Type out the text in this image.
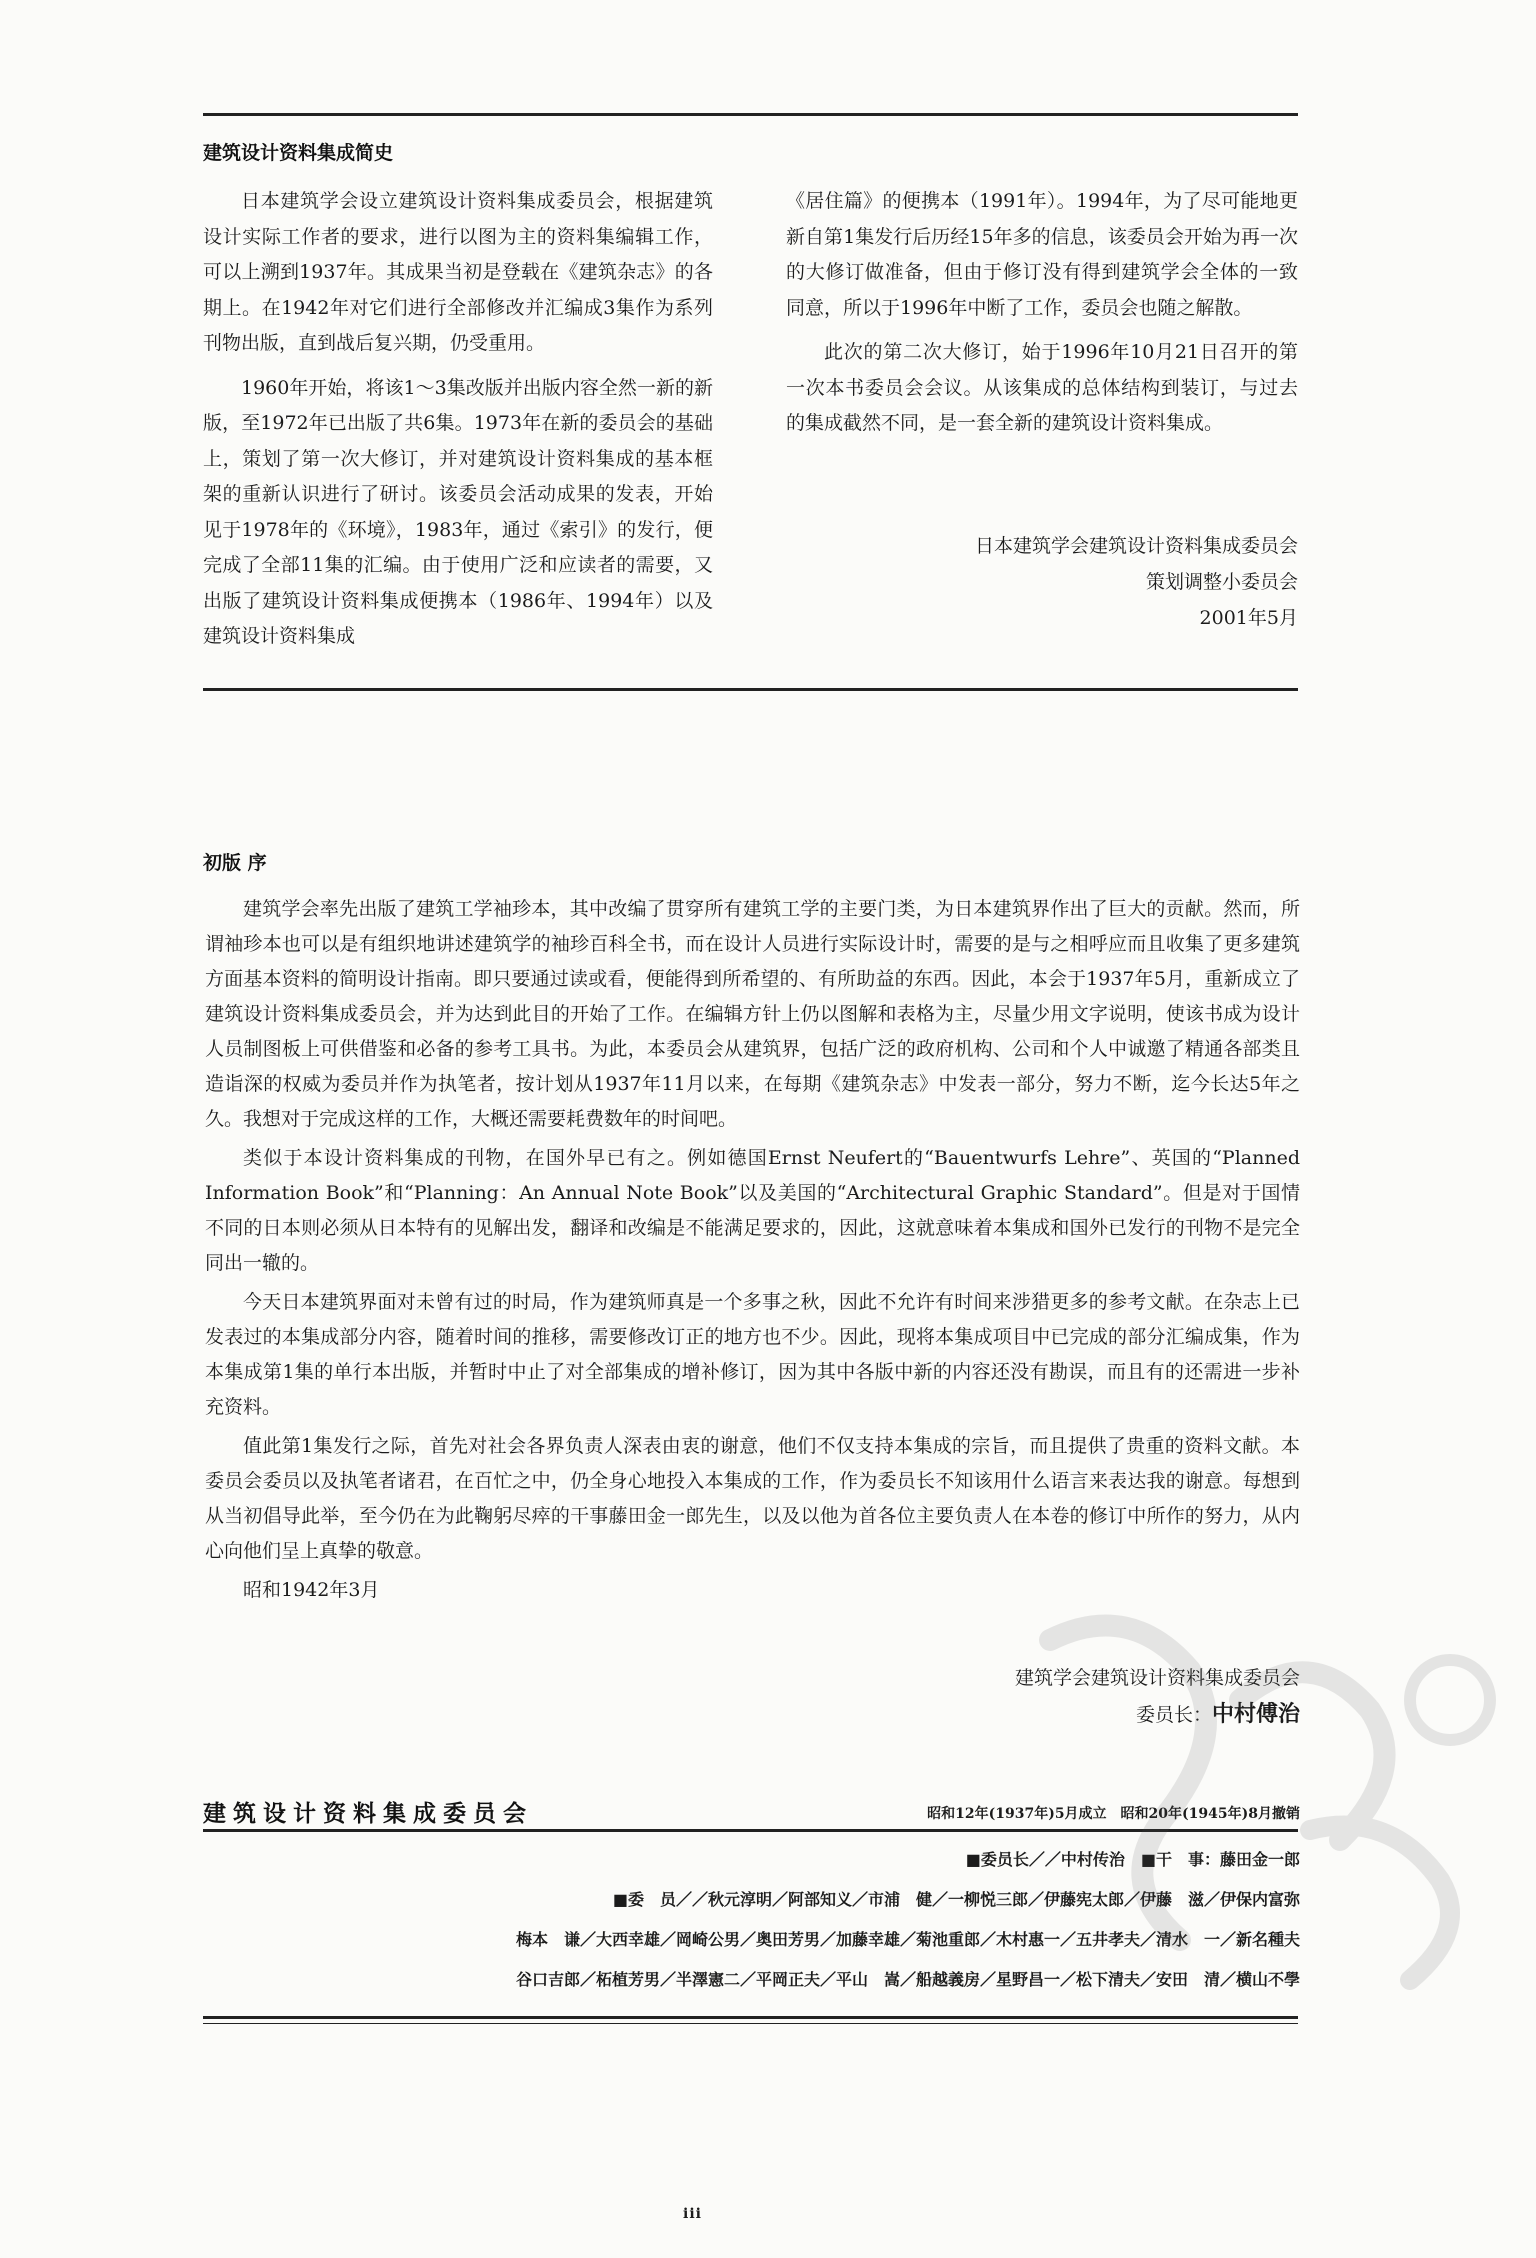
建筑设计资料集成简史

日本建筑学会设立建筑设计资料集成委员会，根据建筑设计实际工作者的要求，进行以图为主的资料集编辑工作，可以上溯到1937年。其成果当初是登载在《建筑杂志》的各期上。在1942年对它们进行全部修改并汇编成3集作为系列刊物出版，直到战后复兴期，仍受重用。

1960年开始，将该1～3集改版并出版内容全然一新的新版，至1972年已出版了共6集。1973年在新的委员会的基础上，策划了第一次大修订，并对建筑设计资料集成的基本框架的重新认识进行了研讨。该委员会活动成果的发表，开始见于1978年的《环境》，1983年，通过《索引》的发行，便完成了全部11集的汇编。由于使用广泛和应读者的需要，又出版了建筑设计资料集成便携本（1986年、1994年）以及建筑设计资料集成

《居住篇》的便携本（1991年）。1994年，为了尽可能地更新自第1集发行后历经15年多的信息，该委员会开始为再一次的大修订做准备，但由于修订没有得到建筑学会全体的一致同意，所以于1996年中断了工作，委员会也随之解散。

此次的第二次大修订，始于1996年10月21日召开的第一次本书委员会会议。从该集成的总体结构到装订，与过去的集成截然不同，是一套全新的建筑设计资料集成。

日本建筑学会建筑设计资料集成委员会
策划调整小委员会
2001年5月
初版 序

建筑学会率先出版了建筑工学袖珍本，其中改编了贯穿所有建筑工学的主要门类，为日本建筑界作出了巨大的贡献。然而，所谓袖珍本也可以是有组织地讲述建筑学的袖珍百科全书，而在设计人员进行实际设计时，需要的是与之相呼应而且收集了更多建筑方面基本资料的简明设计指南。即只要通过读或看，便能得到所希望的、有所助益的东西。因此，本会于1937年5月，重新成立了建筑设计资料集成委员会，并为达到此目的开始了工作。在编辑方针上仍以图解和表格为主，尽量少用文字说明，使该书成为设计人员制图板上可供借鉴和必备的参考工具书。为此，本委员会从建筑界，包括广泛的政府机构、公司和个人中诚邀了精通各部类且造诣深的权威为委员并作为执笔者，按计划从1937年11月以来，在每期《建筑杂志》中发表一部分，努力不断，迄今长达5年之久。我想对于完成这样的工作，大概还需要耗费数年的时间吧。

类似于本设计资料集成的刊物，在国外早已有之。例如德国Ernst Neufert的“Bauentwurfs Lehre”、英国的“Planned Information Book”和“Planning：An Annual Note Book”以及美国的“Architectural Graphic Standard”。但是对于国情不同的日本则必须从日本特有的见解出发，翻译和改编是不能满足要求的，因此，这就意味着本集成和国外已发行的刊物不是完全同出一辙的。

今天日本建筑界面对未曾有过的时局，作为建筑师真是一个多事之秋，因此不允许有时间来涉猎更多的参考文献。在杂志上已发表过的本集成部分内容，随着时间的推移，需要修改订正的地方也不少。因此，现将本集成项目中已完成的部分汇编成集，作为本集成第1集的单行本出版，并暂时中止了对全部集成的增补修订，因为其中各版中新的内容还没有勘误，而且有的还需进一步补充资料。

值此第1集发行之际，首先对社会各界负责人深表由衷的谢意，他们不仅支持本集成的宗旨，而且提供了贵重的资料文献。本委员会委员以及执笔者诸君，在百忙之中，仍全身心地投入本集成的工作，作为委员长不知该用什么语言来表达我的谢意。每想到从当初倡导此举，至今仍在为此鞠躬尽瘁的干事藤田金一郎先生，以及以他为首各位主要负责人在本卷的修订中所作的努力，从内心向他们呈上真挚的敬意。

昭和1942年3月

建筑学会建筑设计资料集成委员会
委员长：中村傅治
建筑设计资料集成委员会	昭和12年(1937年)5月成立　昭和20年(1945年)8月撤销
■委员长／／中村传治　■干　事：藤田金一郎
■委　员／／秋元淳明／阿部知义／市浦　健／一柳悦三郎／伊藤宪太郎／伊藤　滋／伊保内富弥
梅本　谦／大西幸雄／岡崎公男／奥田芳男／加藤幸雄／菊池重郎／木村惠一／五井孝夫／清水　一／新名種夫
谷口吉郎／柘植芳男／半澤憲二／平岡正夫／平山　嵩／船越義房／星野昌一／松下清夫／安田　清／横山不學
iii
